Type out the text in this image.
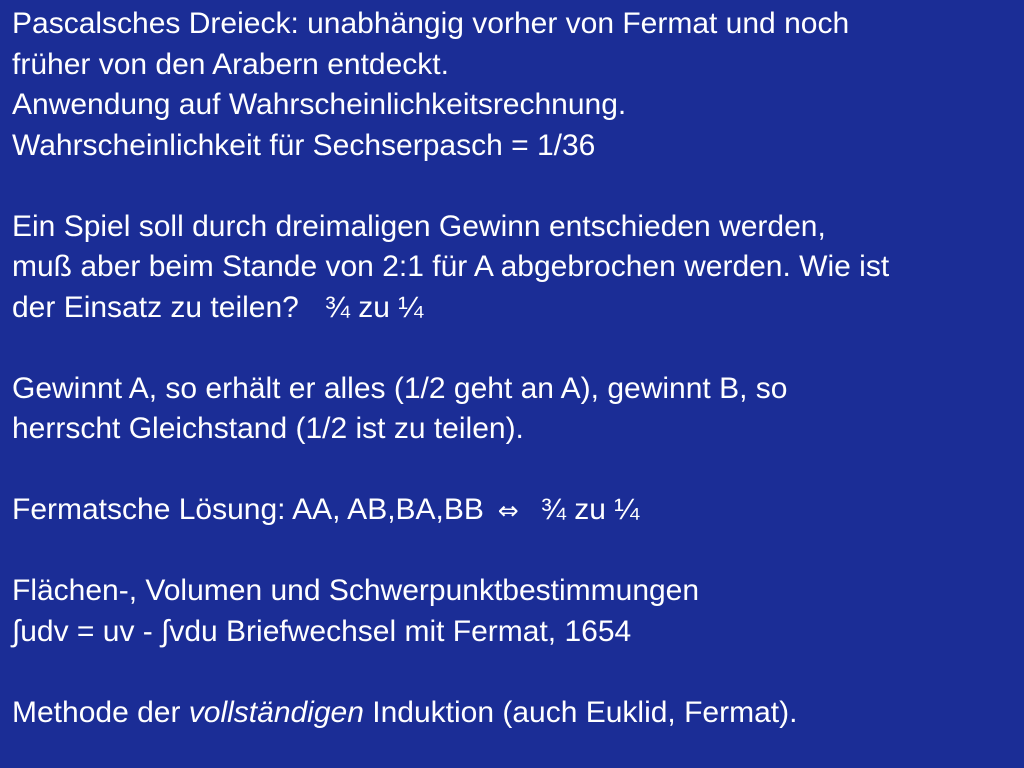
Pascalsches Dreieck: unabhängig vorher von Fermat und noch
früher von den Arabern entdeckt.
Anwendung auf Wahrscheinlichkeitsrechnung.
Wahrscheinlichkeit für Sechserpasch = 1/36
Ein Spiel soll durch dreimaligen Gewinn entschieden werden,
muß aber beim Stande von 2:1 für A abgebrochen werden. Wie ist
der Einsatz zu teilen? ¾ zu ¼
Gewinnt A, so erhält er alles (1/2 geht an A), gewinnt B, so
herrscht Gleichstand (1/2 ist zu teilen).
Fermatsche Lösung: AA, AB,BA,BB ⇔ ¾ zu ¼
Flächen-, Volumen und Schwerpunktbestimmungen
∫udv = uv - ∫vdu Briefwechsel mit Fermat, 1654
Methode der vollständigen Induktion (auch Euklid, Fermat).
